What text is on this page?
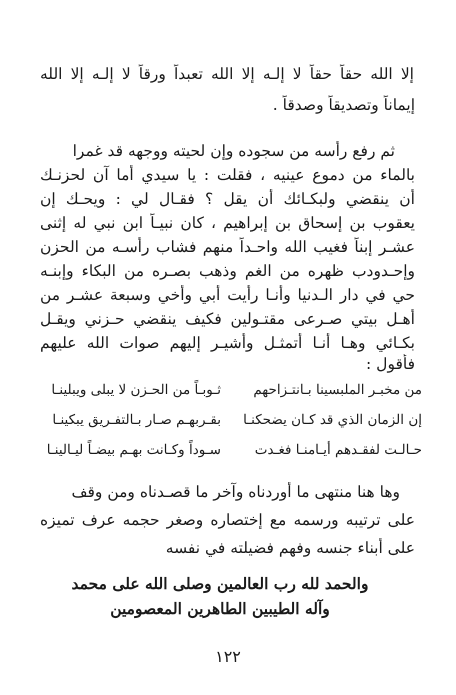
إلا الله حقاً حقاً لا إلـه إلا الله تعبداً ورقاً لا إلـه إلا الله
إيماناً وتصديقاً وصدقاً .
ثم رفع رأسه من سجوده وإن لحيته ووجهه قد غمرا
بالماء من دموع عينيه ، فقلت : يا سيدي أما آن لحزنـك
أن ينقضي ولبكـائك أن يقل ؟ فقـال لي : ويحـك إن
يعقوب بن إسحاق بن إبراهيم ، كان نبيـاً ابن نبي له إثنى
عشـر إبناً فغيب الله واحـداً منهم فشاب رأسـه من الحزن
وإحـدودب ظهره من الغم وذهب بصـره من البكاء وإبنـه
حي في دار الـدنيا وأنـا رأيت أبي وأخي وسبعة عشـر من
أهـل بيتي صـرعى مقتـولين فكيف ينقضي حـزني ويقـل
بكـائي وهـا أنـا أتمثـل وأشيـر إليهم صوات الله عليهم
فأقول :
من مخبـر الملبسينا بـانتـزاحهم
ثـوبـاً من الحـزن لا يبلى ويبلينـا
إن الزمان الذي قد كـان يضحكنـا
بقـربهـم صـار بـالتفـريق يبكينـا
حـالـت لفقـدهم أيـامنـا فغـدت
سـوداً وكـانت بهـم بيضـاً ليـالينـا
وها هنا منتهى ما أوردناه وآخر ما قصـدناه ومن وقف
على ترتيبه ورسمه مع إختصاره وصغر حجمه عرف تميزه
على أبناء جنسه وفهم فضيلته في نفسه
والحمد لله رب العالمين وصلى الله على محمد
وآله الطيبين الطاهرين المعصومين
١٢٢
